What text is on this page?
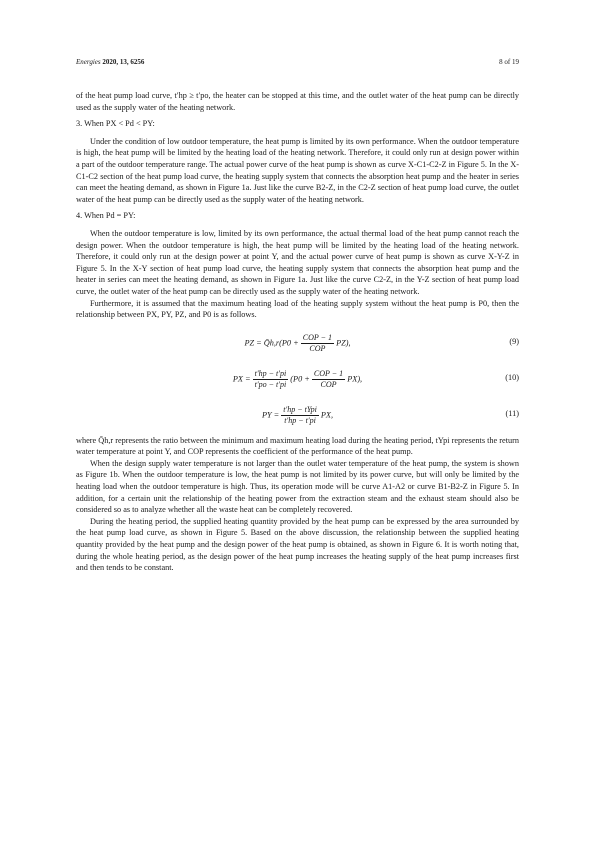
Energies 2020, 13, 6256	8 of 19

of the heat pump load curve, t′hp ≥ t′po, the heater can be stopped at this time, and the outlet water of the heat pump can be directly used as the supply water of the heating network.

3. When PX < Pd < PY:

Under the condition of low outdoor temperature, the heat pump is limited by its own performance. When the outdoor temperature is high, the heat pump will be limited by the heating load of the heating network. Therefore, it could only run at design power within a part of the outdoor temperature range. The actual power curve of the heat pump is shown as curve X-C1-C2-Z in Figure 5. In the X-C1-C2 section of the heat pump load curve, the heating supply system that connects the absorption heat pump and the heater in series can meet the heating demand, as shown in Figure 1a. Just like the curve B2-Z, in the C2-Z section of heat pump load curve, the outlet water of the heat pump can be directly used as the supply water of the heating network.

4. When Pd = PY:

When the outdoor temperature is low, limited by its own performance, the actual thermal load of the heat pump cannot reach the design power. When the outdoor temperature is high, the heat pump will be limited by the heating load of the heating network. Therefore, it could only run at the design power at point Y, and the actual power curve of heat pump is shown as curve X-Y-Z in Figure 5. In the X-Y section of heat pump load curve, the heating supply system that connects the absorption heat pump and the heater in series can meet the heating demand, as shown in Figure 1a. Just like the curve C2-Z, in the Y-Z section of heat pump load curve, the outlet water of the heat pump can be directly used as the supply water of the heating network.

Furthermore, it is assumed that the maximum heating load of the heating supply system without the heat pump is P0, then the relationship between PX, PY, PZ, and P0 is as follows.

PZ = Q̄h,r(P0 + $\frac{\text{COP − 1}}{\text{COP}} PZ$),	(9)
PX = $\frac{t'hp - t'pi}{t'po - t'pi} (P0 + \frac{\text{COP − 1}}{\text{COP}} PX)$,	(10)
PY = $\frac{\text{t′hp − tYpi}}{t'hp - t'pi}$ PX,	(11)

where Q̄h,r represents the ratio between the minimum and maximum heating load during the heating period, tYpi represents the return water temperature at point Y, and COP represents the coefficient of the performance of the heat pump.

When the design supply water temperature is not larger than the outlet water temperature of the heat pump, the system is shown as Figure 1b. When the outdoor temperature is low, the heat pump is not limited by its power curve, but will only be limited by the heating load when the outdoor temperature is high. Thus, its operation mode will be curve A1-A2 or curve B1-B2-Z in Figure 5. In addition, for a certain unit the relationship of the heating power from the extraction steam and the exhaust steam should also be considered so as to analyze whether all the waste heat can be completely recovered.

During the heating period, the supplied heating quantity provided by the heat pump can be expressed by the area surrounded by the heat pump load curve, as shown in Figure 5. Based on the above discussion, the relationship between the supplied heating quantity provided by the heat pump and the design power of the heat pump is obtained, as shown in Figure 6. It is worth noting that, during the whole heating period, as the design power of the heat pump increases the heating supply of the heat pump increases first and then tends to be constant.
